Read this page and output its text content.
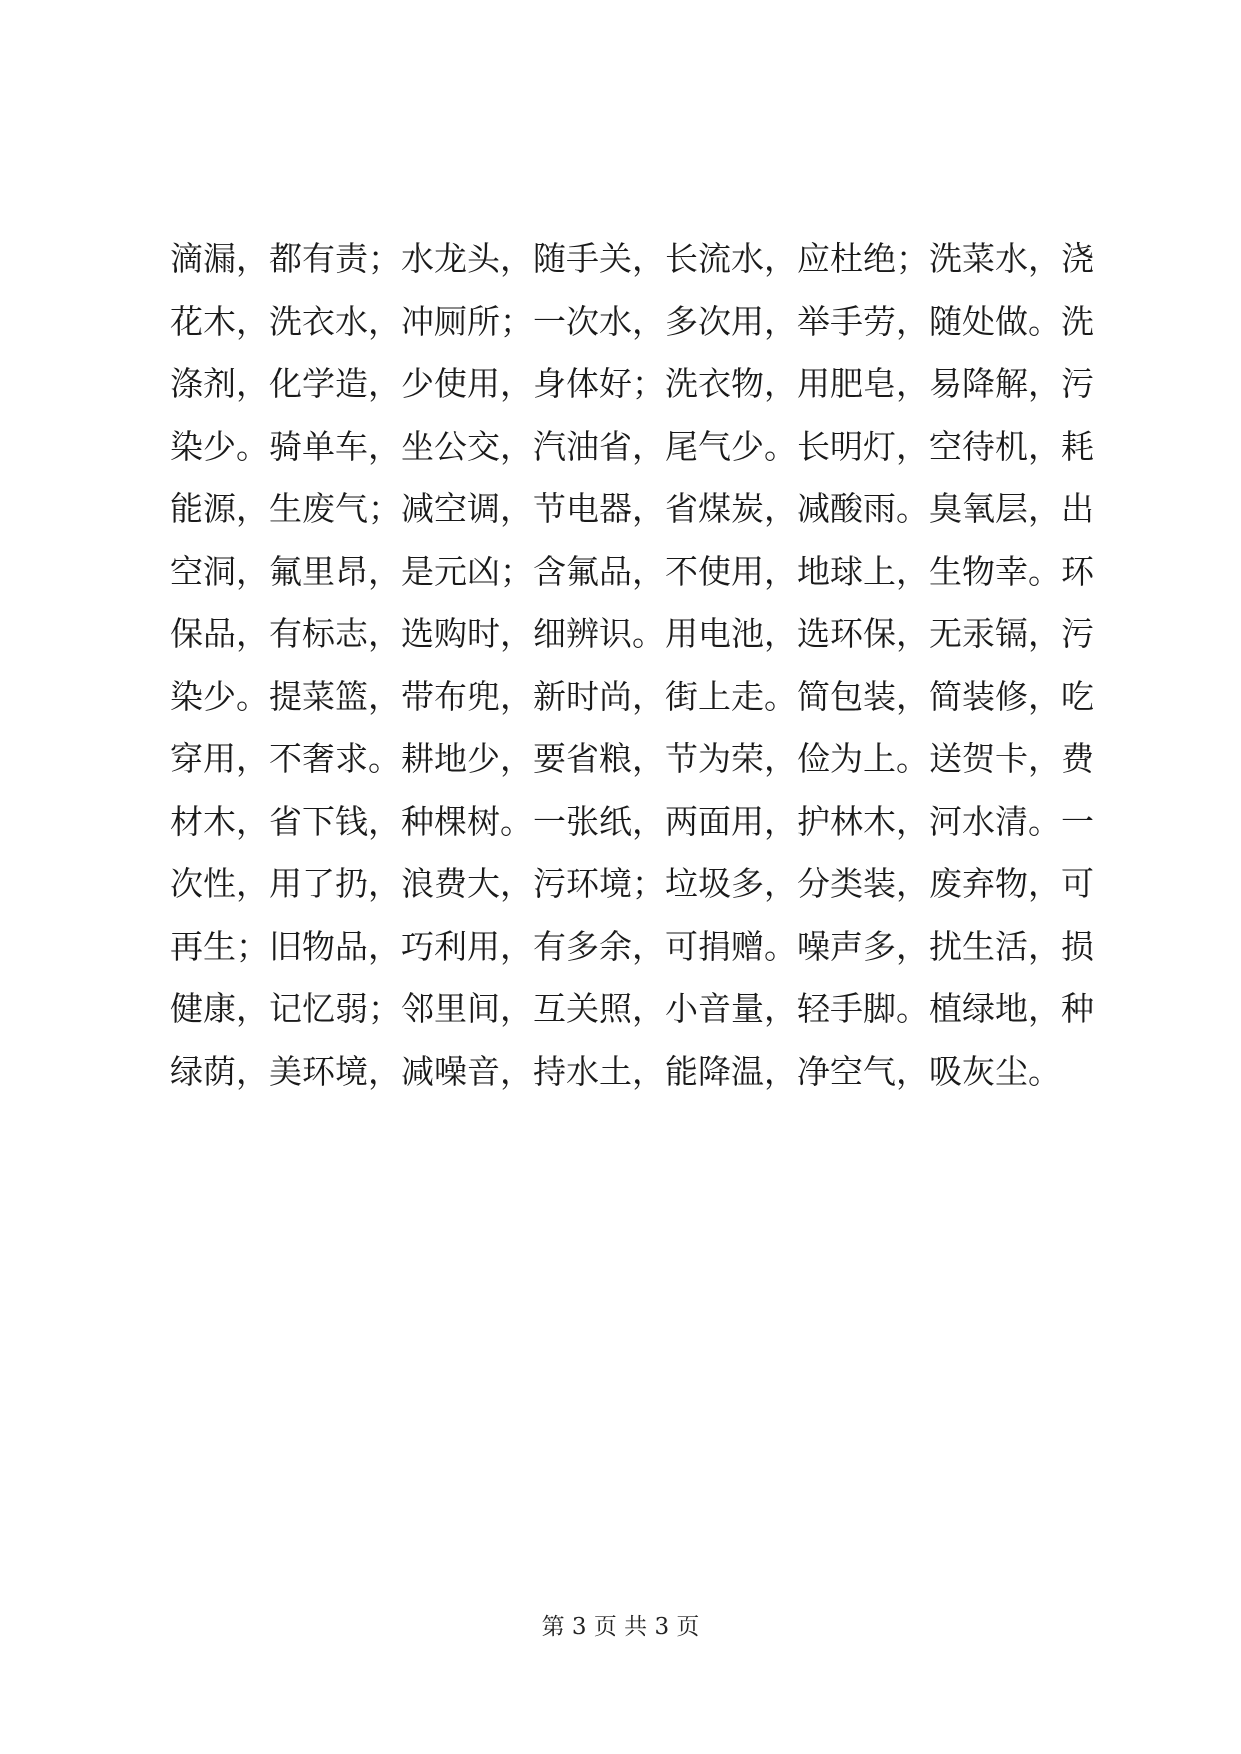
滴漏，都有责；水龙头，随手关，长流水，应杜绝；洗菜水，浇
花木，洗衣水，冲厕所；一次水，多次用，举手劳，随处做。洗
涤剂，化学造，少使用，身体好；洗衣物，用肥皂，易降解，污
染少。骑单车，坐公交，汽油省，尾气少。长明灯，空待机，耗
能源，生废气；减空调，节电器，省煤炭，减酸雨。臭氧层，出
空洞，氟里昂，是元凶；含氟品，不使用，地球上，生物幸。环
保品，有标志，选购时，细辨识。用电池，选环保，无汞镉，污
染少。提菜篮，带布兜，新时尚，街上走。简包装，简装修，吃
穿用，不奢求。耕地少，要省粮，节为荣，俭为上。送贺卡，费
材木，省下钱，种棵树。一张纸，两面用，护林木，河水清。一
次性，用了扔，浪费大，污环境；垃圾多，分类装，废弃物，可
再生；旧物品，巧利用，有多余，可捐赠。噪声多，扰生活，损
健康，记忆弱；邻里间，互关照，小音量，轻手脚。植绿地，种
绿荫，美环境，减噪音，持水土，能降温，净空气，吸灰尘。
第 3 页 共 3 页
